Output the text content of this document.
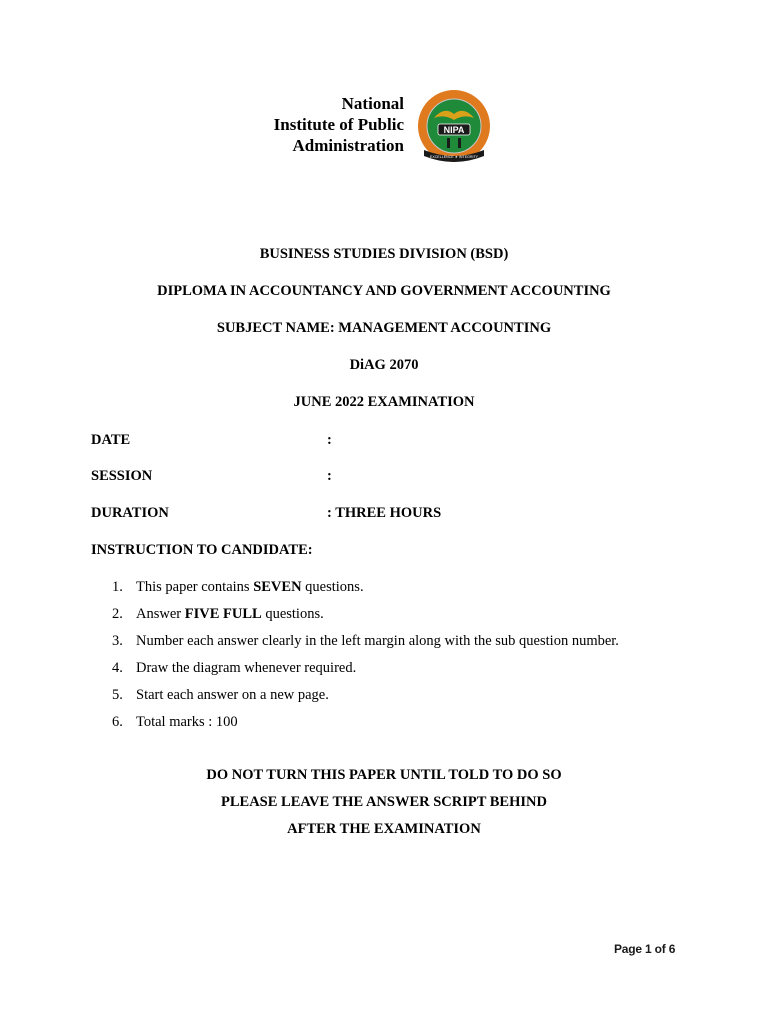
National
Institute of Public
Administration
NIPA
EXCELLENCE ★ INTEGRITY
BUSINESS STUDIES DIVISION (BSD)
DIPLOMA IN ACCOUNTANCY AND GOVERNMENT ACCOUNTING
SUBJECT NAME: MANAGEMENT ACCOUNTING
DiAG 2070
JUNE 2022 EXAMINATION
DATE	:
SESSION	:
DURATION	: THREE HOURS
INSTRUCTION TO CANDIDATE:
1. This paper contains SEVEN questions.
2. Answer FIVE FULL questions.
3. Number each answer clearly in the left margin along with the sub question number.
4. Draw the diagram whenever required.
5. Start each answer on a new page.
6. Total marks : 100
DO NOT TURN THIS PAPER UNTIL TOLD TO DO SO
PLEASE LEAVE THE ANSWER SCRIPT BEHIND
AFTER THE EXAMINATION
Page 1 of 6
